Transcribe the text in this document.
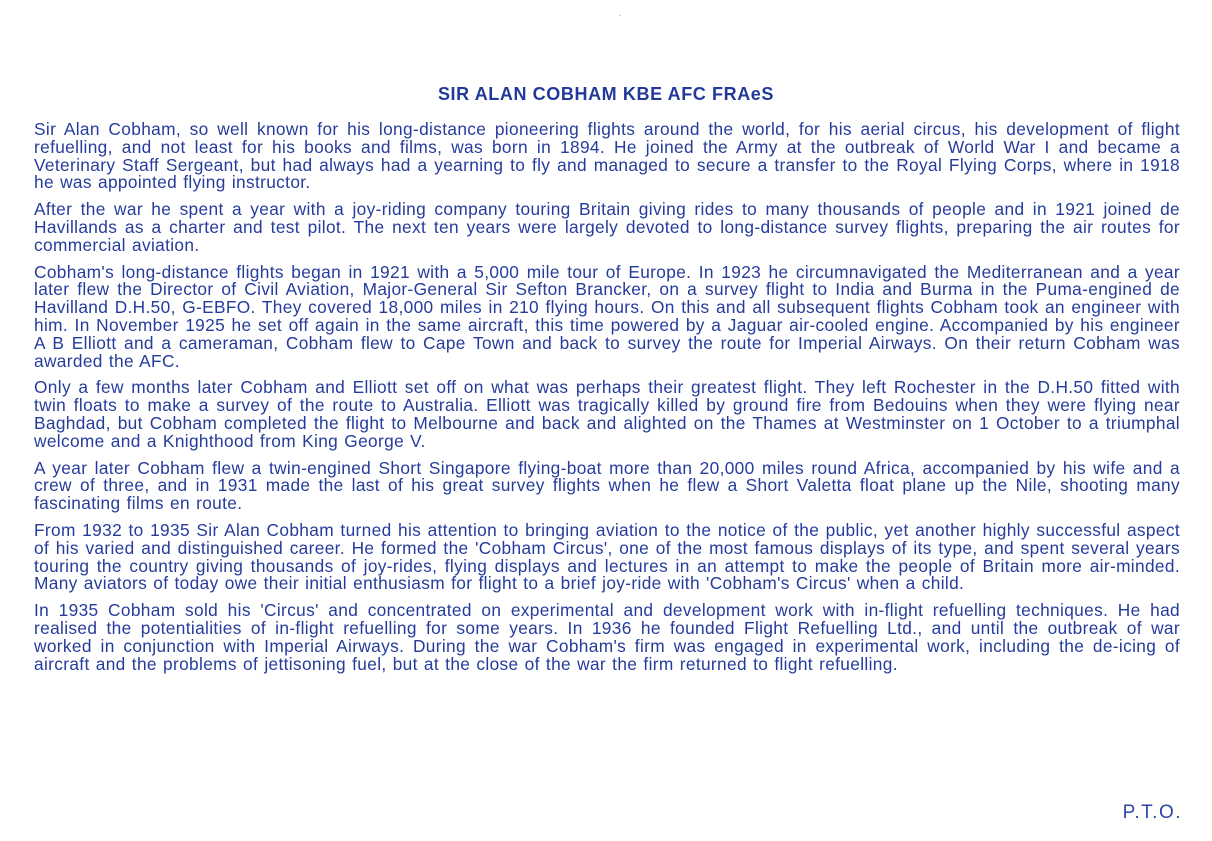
SIR ALAN COBHAM KBE AFC FRAeS

Sir Alan Cobham, so well known for his long-distance pioneering flights around the world, for his aerial circus, his development of flight refuelling, and not least for his books and films, was born in 1894. He joined the Army at the outbreak of World War I and became a Veterinary Staff Sergeant, but had always had a yearning to fly and managed to secure a transfer to the Royal Flying Corps, where in 1918 he was appointed flying instructor.

After the war he spent a year with a joy-riding company touring Britain giving rides to many thousands of people and in 1921 joined de Havillands as a charter and test pilot. The next ten years were largely devoted to long-distance survey flights, preparing the air routes for commercial aviation.

Cobham's long-distance flights began in 1921 with a 5,000 mile tour of Europe. In 1923 he circumnavigated the Mediterranean and a year later flew the Director of Civil Aviation, Major-General Sir Sefton Brancker, on a survey flight to India and Burma in the Puma-engined de Havilland D.H.50, G-EBFO. They covered 18,000 miles in 210 flying hours. On this and all subsequent flights Cobham took an engineer with him. In November 1925 he set off again in the same aircraft, this time powered by a Jaguar air-cooled engine. Accompanied by his engineer A B Elliott and a cameraman, Cobham flew to Cape Town and back to survey the route for Imperial Airways. On their return Cobham was awarded the AFC.

Only a few months later Cobham and Elliott set off on what was perhaps their greatest flight. They left Rochester in the D.H.50 fitted with twin floats to make a survey of the route to Australia. Elliott was tragically killed by ground fire from Bedouins when they were flying near Baghdad, but Cobham completed the flight to Melbourne and back and alighted on the Thames at Westminster on 1 October to a triumphal welcome and a Knighthood from King George V.

A year later Cobham flew a twin-engined Short Singapore flying-boat more than 20,000 miles round Africa, accompanied by his wife and a crew of three, and in 1931 made the last of his great survey flights when he flew a Short Valetta float plane up the Nile, shooting many fascinating films en route.

From 1932 to 1935 Sir Alan Cobham turned his attention to bringing aviation to the notice of the public, yet another highly successful aspect of his varied and distinguished career. He formed the 'Cobham Circus', one of the most famous displays of its type, and spent several years touring the country giving thousands of joy-rides, flying displays and lectures in an attempt to make the people of Britain more air-minded. Many aviators of today owe their initial enthusiasm for flight to a brief joy-ride with 'Cobham's Circus' when a child.

In 1935 Cobham sold his 'Circus' and concentrated on experimental and development work with in-flight refuelling techniques. He had realised the potentialities of in-flight refuelling for some years. In 1936 he founded Flight Refuelling Ltd., and until the outbreak of war worked in conjunction with Imperial Airways. During the war Cobham's firm was engaged in experimental work, including the de-icing of aircraft and the problems of jettisoning fuel, but at the close of the war the firm returned to flight refuelling.

P.T.O.
